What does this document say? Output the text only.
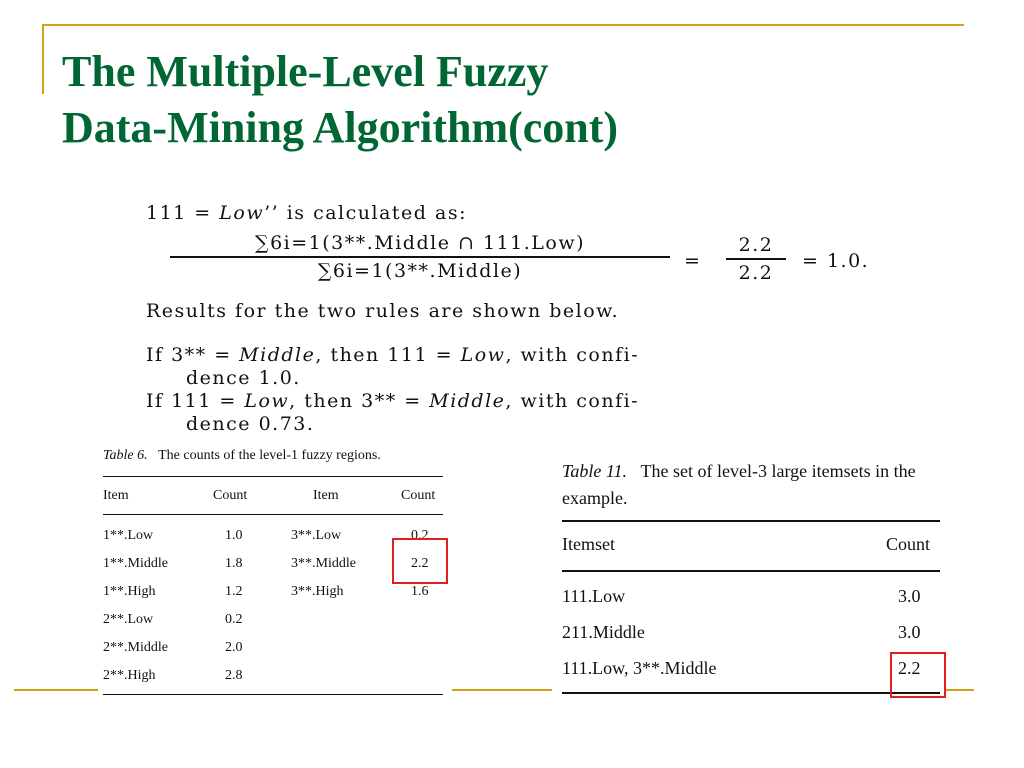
The Multiple-Level Fuzzy
Data-Mining Algorithm(cont)
111 = Low’’ is calculated as:
∑6i=1(3**.Middle ∩ 111.Low)
∑6i=1(3**.Middle)	=
2.2
2.2
= 1.0.
Results for the two rules are shown below.
If 3** = Middle, then 111 = Low, with confi-
dence 1.0.
If 111 = Low, then 3** = Middle, with confi-
dence 0.73.
Table 6. The counts of the level-1 fuzzy regions.
Item	Count	Item	Count
1**.Low	1.0	3**.Low	0.2
1**.Middle	1.8	3**.Middle	2.2
1**.High	1.2	3**.High	1.6
2**.Low	0.2
2**.Middle	2.0
2**.High	2.8
Table 11. The set of level-3 large itemsets in the example.
Itemset	Count
111.Low	3.0
211.Middle	3.0
111.Low, 3**.Middle	2.2
